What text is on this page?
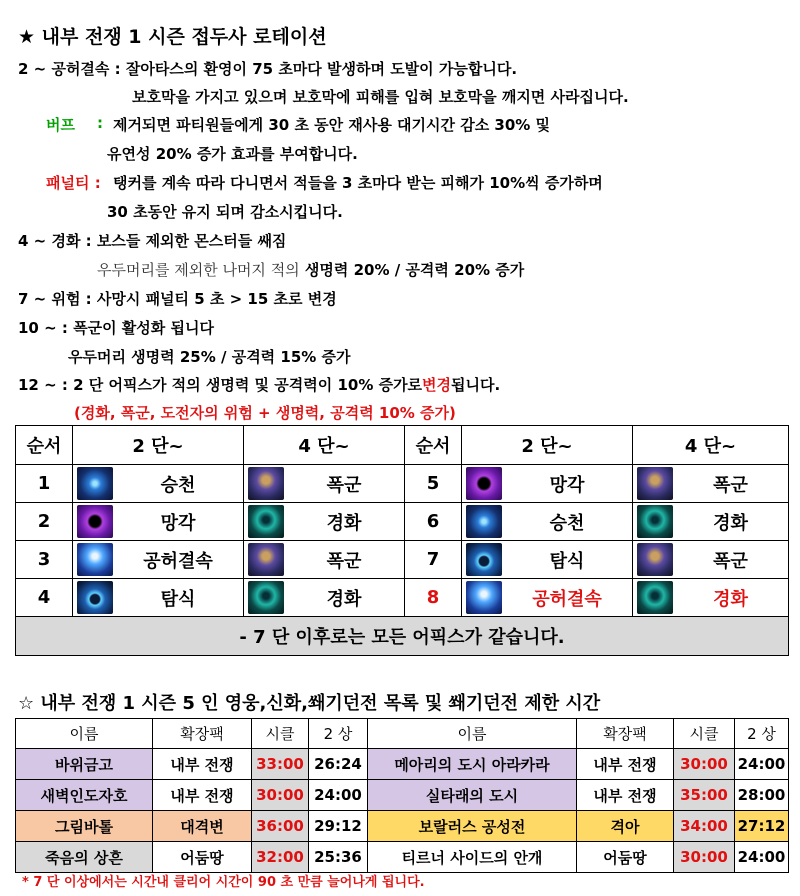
★ 내부 전쟁 1 시즌 접두사 로테이션
2 ~ 공허결속 : 잘아타스의 환영이 75 초마다 발생하며 도발이 가능합니다.
보호막을 가지고 있으며 보호막에 피해를 입혀 보호막을 깨지면 사라집니다.
버프 : 제거되면 파티원들에게 30 초 동안 재사용 대기시간 감소 30% 및
유연성 20% 증가 효과를 부여합니다.
패널티 : 탱커를 계속 따라 다니면서 적들을 3 초마다 받는 피해가 10%씩 증가하며
30 초동안 유지 되며 감소시킵니다.
4 ~ 경화 : 보스들 제외한 몬스터들 쌔짐
우두머리를 제외한 나머지 적의 생명력 20% / 공격력 20% 증가
7 ~ 위험 : 사망시 패널티 5 초 > 15 초로 변경
10 ~ : 폭군이 활성화 됩니다
우두머리 생명력 25% / 공격력 15% 증가
12 ~ : 2 단 어픽스가 적의 생명력 및 공격력이 10% 증가로변경됩니다.
(경화, 폭군, 도전자의 위험 + 생명력, 공격력 10% 증가)
순서	2 단~	4 단~	순서	2 단~	4 단~
1	승천	폭군	5	망각	폭군

2	망각	경화	6	승천	경화

3	공허결속	폭군	7	탐식	폭군

4	탐식	경화	8	공허결속	경화

- 7 단 이후로는 모든 어픽스가 같습니다.					
☆ 내부 전쟁 1 시즌 5 인 영웅,신화,쐐기던전 목록 및 쐐기던전 제한 시간
이름	확장팩	시클	2 상	이름	확장팩	시클	2 상
바위금고	내부 전쟁	33:00	26:24	메아리의 도시 아라카라	내부 전쟁	30:00	24:00
새벽인도자호	내부 전쟁	30:00	24:00	실타래의 도시	내부 전쟁	35:00	28:00
그림바톨	대격변	36:00	29:12	보랄러스 공성전	격아	34:00	27:12
죽음의 상흔	어둠땅	32:00	25:36	티르너 사이드의 안개	어둠땅	30:00	24:00
* 7 단 이상에서는 시간내 클리어 시간이 90 초 만큼 늘어나게 됩니다.
